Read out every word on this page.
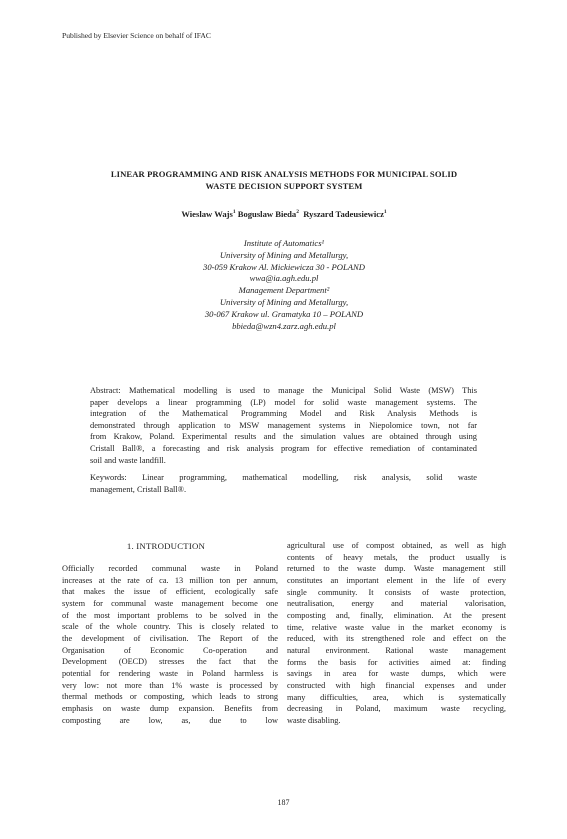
Published by Elsevier Science on behalf of IFAC
LINEAR PROGRAMMING AND RISK ANALYSIS METHODS FOR MUNICIPAL SOLID
WASTE DECISION SUPPORT SYSTEM
Wieslaw Wajs$^1$ Boguslaw Bieda$^2$ Ryszard Tadeusiewicz$^1$
Institute of Automatics¹
University of Mining and Metallurgy,
30-059 Krakow Al. Mickiewicza 30 - POLAND
wwa@ia.agh.edu.pl
Management Department²
University of Mining and Metallurgy,
30-067 Krakow ul. Gramatyka 10 – POLAND
bbieda@wzn4.zarz.agh.edu.pl
Abstract: Mathematical modelling is used to manage the Municipal Solid Waste (MSW) This
paper develops a linear programming (LP) model for solid waste management systems. The
integration of the Mathematical Programming Model and Risk Analysis Methods is
demonstrated through application to MSW management systems in Niepolomice town, not far
from Krakow, Poland. Experimental results and the simulation values are obtained through using
Cristall Ball®, a forecasting and risk analysis program for effective remediation of contaminated
soil and waste landfill.
Keywords: Linear programming, mathematical modelling, risk analysis, solid waste
management, Cristall Ball®.
1. INTRODUCTION
Officially recorded communal waste in Poland
increases at the rate of ca. 13 million ton per annum,
that makes the issue of efficient, ecologically safe
system for communal waste management become one
of the most important problems to be solved in the
scale of the whole country. This is closely related to
the development of civilisation. The Report of the
Organisation of Economic Co-operation and
Development (OECD) stresses the fact that the
potential for rendering waste in Poland harmless is
very low: not more than 1% waste is processed by
thermal methods or composting, which leads to strong
emphasis on waste dump expansion. Benefits from
composting are low, as, due to low
agricultural use of compost obtained, as well as high
contents of heavy metals, the product usually is
returned to the waste dump. Waste management still
constitutes an important element in the life of every
single community. It consists of waste protection,
neutralisation, energy and material valorisation,
composting and, finally, elimination. At the present
time, relative waste value in the market economy is
reduced, with its strengthened role and effect on the
natural environment. Rational waste management
forms the basis for activities aimed at: finding
savings in area for waste dumps, which were
constructed with high financial expenses and under
many difficulties, area, which is systematically
decreasing in Poland, maximum waste recycling,
waste disabling.
187
